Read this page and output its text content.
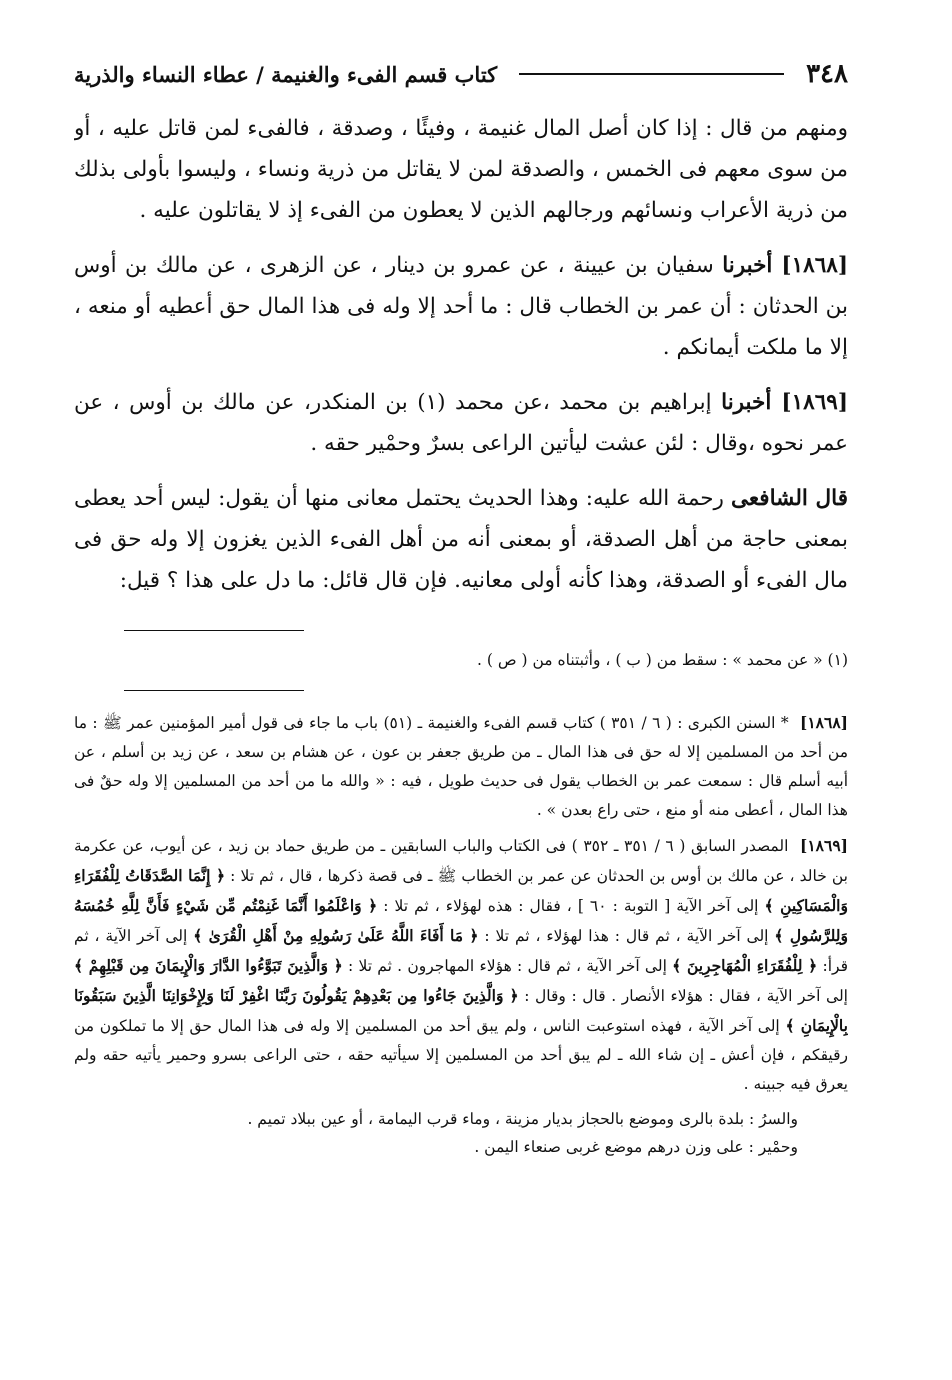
٣٤٨
كتاب قسم الفىء والغنيمة / عطاء النساء والذرية

ومنهم من قال : إذا كان أصل المال غنيمة ، وفيئًا ، وصدقة ، فالفىء لمن قاتل عليه ، أو من سوى معهم فى الخمس ، والصدقة لمن لا يقاتل من ذرية ونساء ، وليسوا بأولى بذلك من ذرية الأعراب ونسائهم ورجالهم الذين لا يعطون من الفىء إذ لا يقاتلون عليه .

[١٨٦٨] أخبرنا سفيان بن عيينة ، عن عمرو بن دينار ، عن الزهرى ، عن مالك بن أوس بن الحدثان : أن عمر بن الخطاب قال : ما أحد إلا وله فى هذا المال حق أعطيه أو منعه ، إلا ما ملكت أيمانكم .

[١٨٦٩] أخبرنا إبراهيم بن محمد ،عن محمد (١) بن المنكدر، عن مالك بن أوس ، عن عمر نحوه ،وقال : لئن عشت ليأتين الراعى بسرٌ وحمْير حقه .

قال الشافعى رحمة الله عليه: وهذا الحديث يحتمل معانى منها أن يقول: ليس أحد يعطى بمعنى حاجة من أهل الصدقة، أو بمعنى أنه من أهل الفىء الذين يغزون إلا وله حق فى مال الفىء أو الصدقة، وهذا كأنه أولى معانيه. فإن قال قائل: ما دل على هذا ؟ قيل:

(١) « عن محمد » : سقط من ( ب ) ، وأثبتناه من ( ص ) .

[١٨٦٨] * السنن الكبرى : ( ٦ / ٣٥١ ) كتاب قسم الفىء والغنيمة ـ (٥١) باب ما جاء فى قول أمير المؤمنين عمر ﷺ : ما من أحد من المسلمين إلا له حق فى هذا المال ـ من طريق جعفر بن عون ، عن هشام بن سعد ، عن زيد بن أسلم ، عن أبيه أسلم قال : سمعت عمر بن الخطاب يقول فى حديث طويل ، فيه : « والله ما من أحد من المسلمين إلا وله حقٌ فى هذا المال ، أعطى منه أو منع ، حتى راع بعدن » .

[١٨٦٩] المصدر السابق ( ٦ / ٣٥١ ـ ٣٥٢ ) فى الكتاب والباب السابقين ـ من طريق حماد بن زيد ، عن أيوب، عن عكرمة بن خالد ، عن مالك بن أوس بن الحدثان عن عمر بن الخطاب ﷺ ـ فى قصة ذكرها ، قال ، ثم تلا : ﴿ إِنَّمَا الصَّدَقَاتُ لِلْفُقَرَاءِ وَالْمَسَاكِينِ ﴾ إلى آخر الآية [ التوبة : ٦٠ ] ، فقال : هذه لهؤلاء ، ثم تلا : ﴿ وَاعْلَمُوا أَنَّمَا غَنِمْتُم مِّن شَيْءٍ فَأَنَّ لِلَّهِ خُمُسَهُ وَلِلرَّسُولِ ﴾ إلى آخر الآية ، ثم قال : هذا لهؤلاء ، ثم تلا : ﴿ مَا أَفَاءَ اللَّهُ عَلَىٰ رَسُولِهِ مِنْ أَهْلِ الْقُرَىٰ ﴾ إلى آخر الآية ، ثم قرأ: ﴿ لِلْفُقَرَاءِ الْمُهَاجِرِينَ ﴾ إلى آخر الآية ، ثم قال : هؤلاء المهاجرون . ثم تلا : ﴿ وَالَّذِينَ تَبَوَّءُوا الدَّارَ وَالْإِيمَانَ مِن قَبْلِهِمْ ﴾ إلى آخر الآية ، فقال : هؤلاء الأنصار . قال : وقال : ﴿ وَالَّذِينَ جَاءُوا مِن بَعْدِهِمْ يَقُولُونَ رَبَّنَا اغْفِرْ لَنَا وَلِإِخْوَانِنَا الَّذِينَ سَبَقُونَا بِالْإِيمَانِ ﴾ إلى آخر الآية ، فهذه استوعبت الناس ، ولم يبق أحد من المسلمين إلا وله فى هذا المال حق إلا ما تملكون من رقيقكم ، فإن أعش ـ إن شاء الله ـ لم يبق أحد من المسلمين إلا سيأتيه حقه ، حتى الراعى بسرو وحمير يأتيه حقه ولم يعرق فيه جبينه .

والسرُ : بلدة بالرى وموضع بالحجاز بديار مزينة ، وماء قرب اليمامة ، أو عين ببلاد تميم .

وحمْير : على وزن درهم موضع غربى صنعاء اليمن .
